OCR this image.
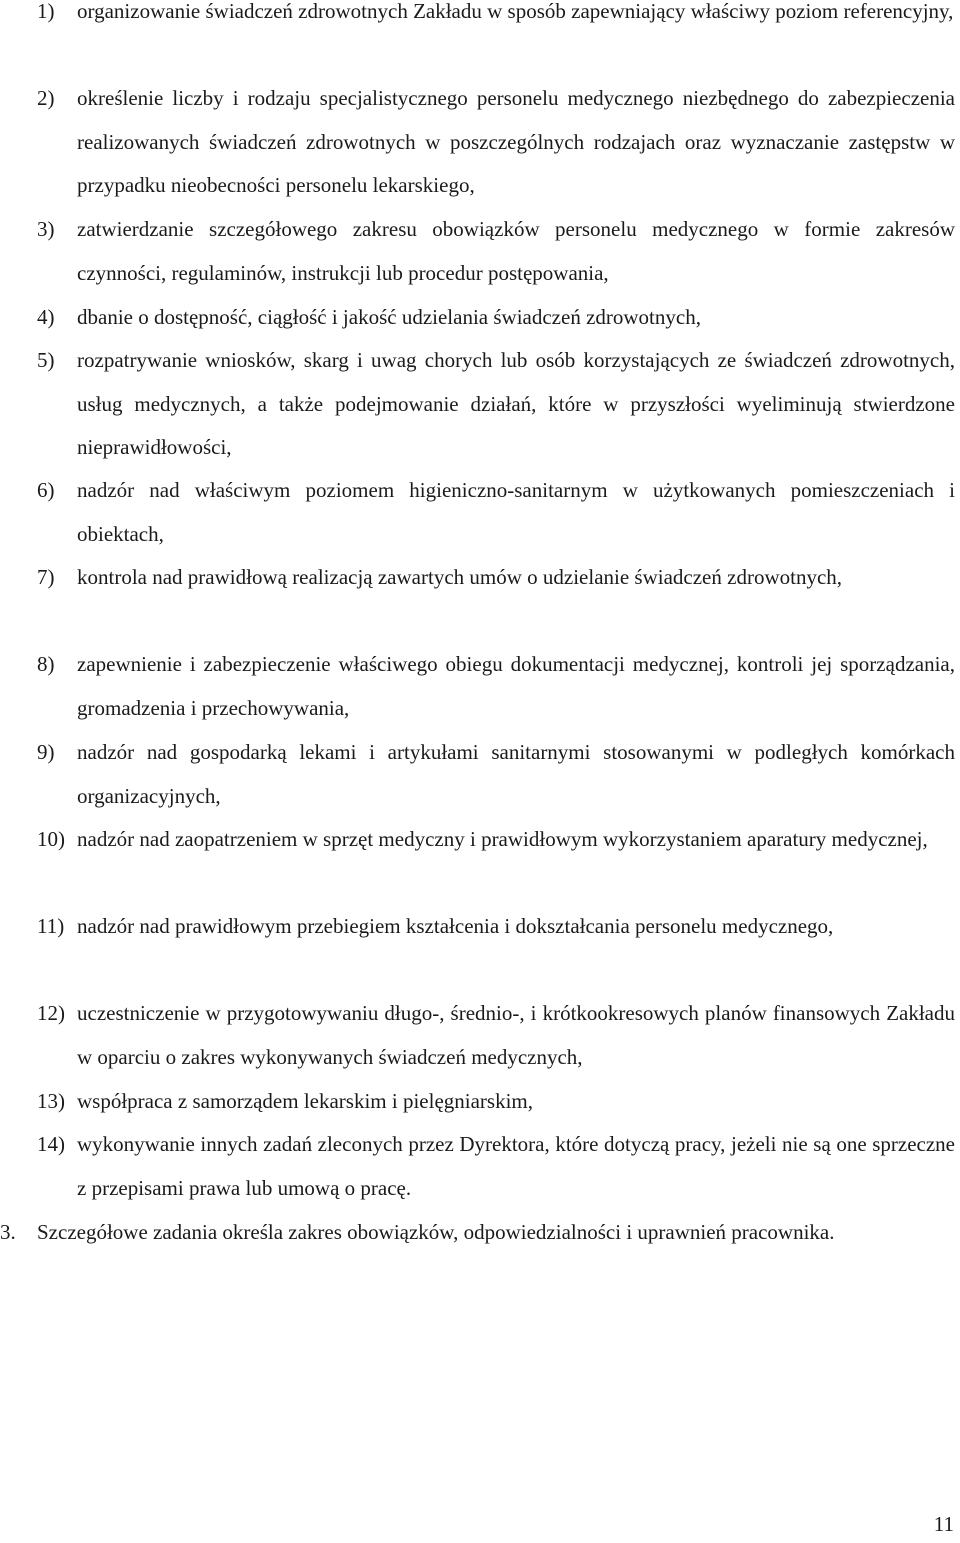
1) organizowanie świadczeń zdrowotnych Zakładu w sposób zapewniający właściwy poziom referencyjny,
2) określenie liczby i rodzaju specjalistycznego personelu medycznego niezbędnego do zabezpieczenia realizowanych świadczeń zdrowotnych w poszczególnych rodzajach oraz wyznaczanie zastępstw w przypadku nieobecności personelu lekarskiego,
3) zatwierdzanie szczegółowego zakresu obowiązków personelu medycznego w formie zakresów czynności, regulaminów, instrukcji lub procedur postępowania,
4) dbanie o dostępność, ciągłość i jakość udzielania świadczeń zdrowotnych,
5) rozpatrywanie wniosków, skarg i uwag chorych lub osób korzystających ze świadczeń zdrowotnych, usług medycznych, a także podejmowanie działań, które w przyszłości wyeliminują stwierdzone nieprawidłowości,
6) nadzór nad właściwym poziomem higieniczno-sanitarnym w użytkowanych pomieszczeniach i obiektach,
7) kontrola nad prawidłową realizacją zawartych umów o udzielanie świadczeń zdrowotnych,
8) zapewnienie i zabezpieczenie właściwego obiegu dokumentacji medycznej, kontroli jej sporządzania, gromadzenia i przechowywania,
9) nadzór nad gospodarką lekami i artykułami sanitarnymi stosowanymi w podległych komórkach organizacyjnych,
10) nadzór nad zaopatrzeniem w sprzęt medyczny i prawidłowym wykorzystaniem aparatury medycznej,
11) nadzór nad prawidłowym przebiegiem kształcenia i dokształcania personelu medycznego,
12) uczestniczenie w przygotowywaniu długo-, średnio-, i krótkookresowych planów finansowych Zakładu w oparciu o zakres wykonywanych świadczeń medycznych,
13) współpraca z samorządem lekarskim i pielęgniarskim,
14) wykonywanie innych zadań zleconych przez Dyrektora, które dotyczą pracy, jeżeli nie są one sprzeczne z przepisami prawa lub umową o pracę.
3. Szczegółowe zadania określa zakres obowiązków, odpowiedzialności i uprawnień pracownika.
11
